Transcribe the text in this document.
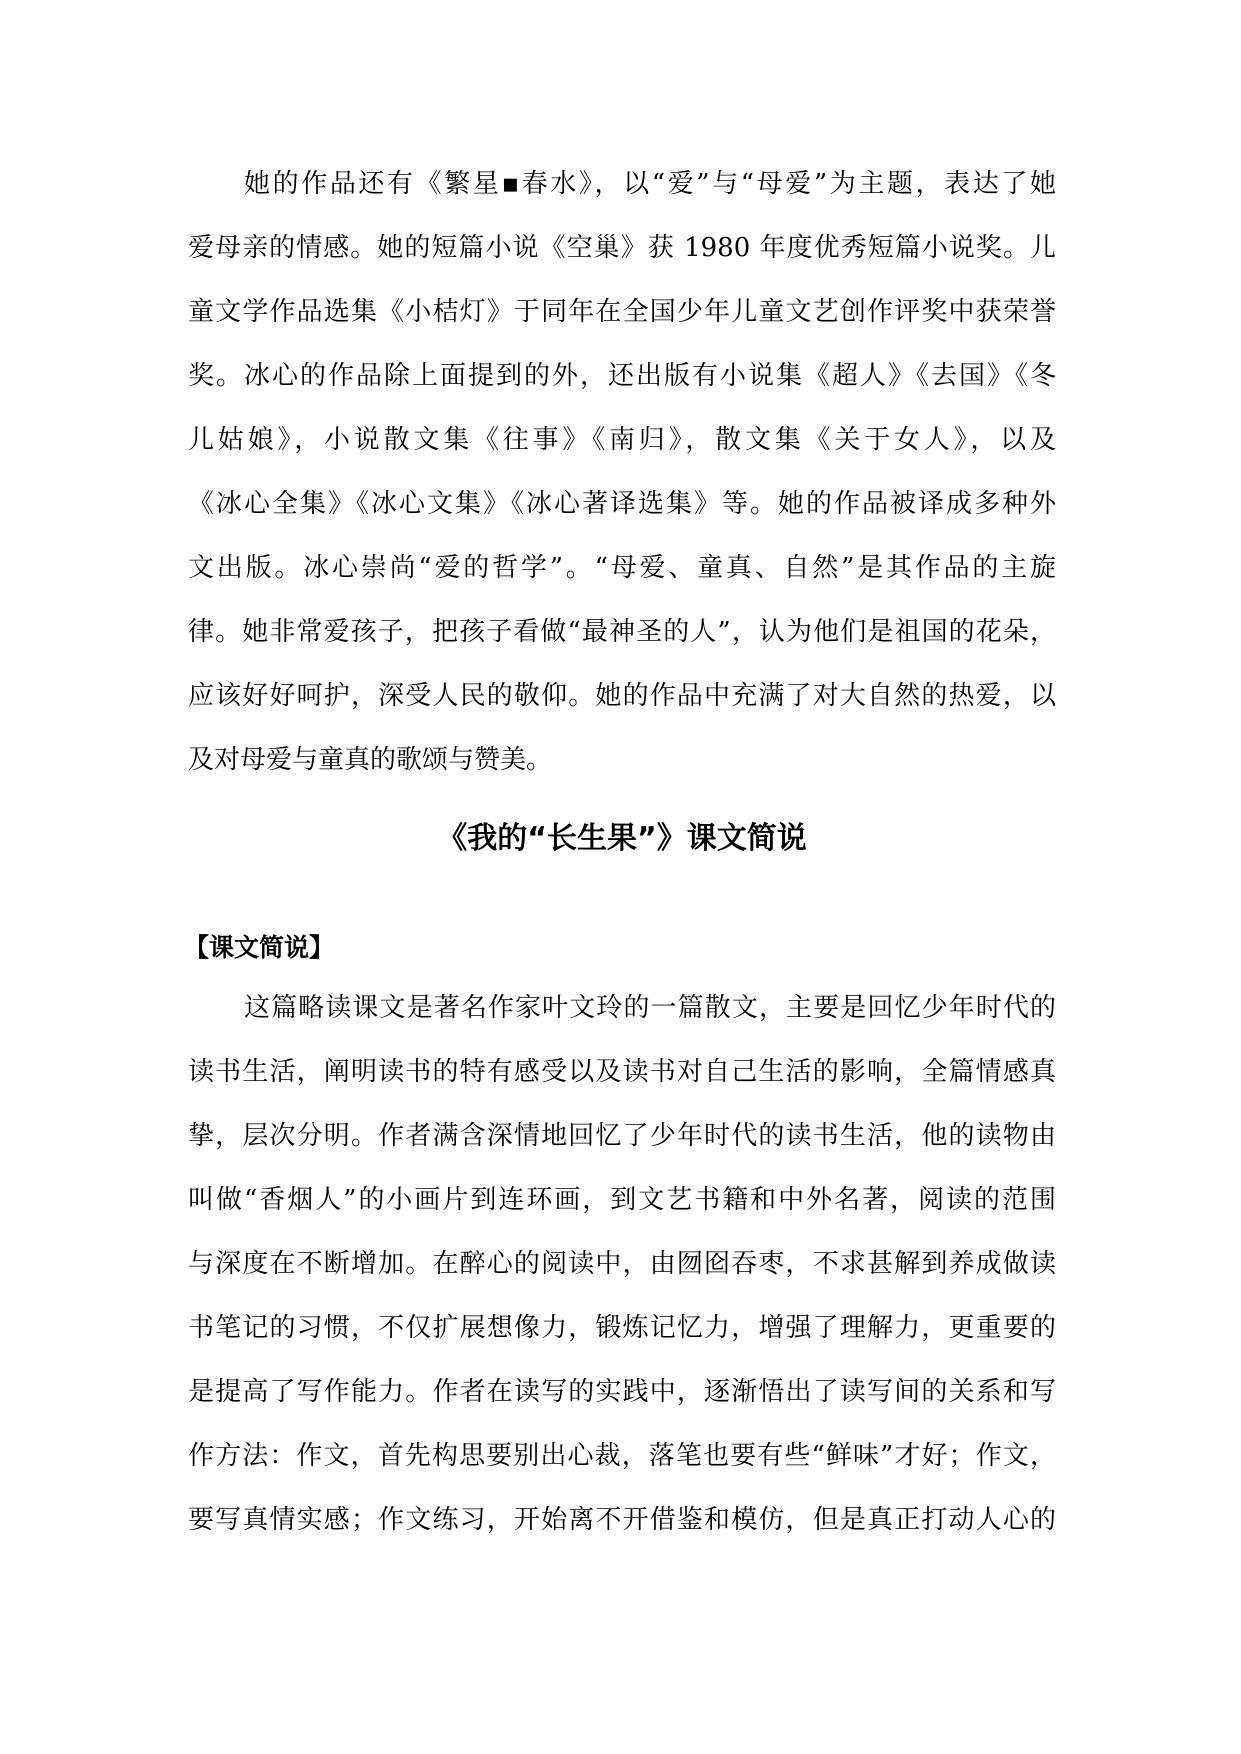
她的作品还有《繁星▪春水》，以“爱”与“母爱”为主题，表达了她
爱母亲的情感。她的短篇小说《空巢》获 1980 年度优秀短篇小说奖。儿
童文学作品选集《小桔灯》于同年在全国少年儿童文艺创作评奖中获荣誉
奖。冰心的作品除上面提到的外，还出版有小说集《超人》《去国》《冬
儿姑娘》，小说散文集《往事》《南归》，散文集《关于女人》，以及
《冰心全集》《冰心文集》《冰心著译选集》等。她的作品被译成多种外
文出版。冰心崇尚“爱的哲学”。“母爱、童真、自然”是其作品的主旋
律。她非常爱孩子，把孩子看做“最神圣的人”，认为他们是祖国的花朵，
应该好好呵护，深受人民的敬仰。她的作品中充满了对大自然的热爱，以
及对母爱与童真的歌颂与赞美。
《我的“长生果”》课文简说
【课文简说】
这篇略读课文是著名作家叶文玲的一篇散文，主要是回忆少年时代的
读书生活，阐明读书的特有感受以及读书对自己生活的影响，全篇情感真
挚，层次分明。作者满含深情地回忆了少年时代的读书生活，他的读物由
叫做“香烟人”的小画片到连环画，到文艺书籍和中外名著，阅读的范围
与深度在不断增加。在醉心的阅读中，由囫囵吞枣，不求甚解到养成做读
书笔记的习惯，不仅扩展想像力，锻炼记忆力，增强了理解力，更重要的
是提高了写作能力。作者在读写的实践中，逐渐悟出了读写间的关系和写
作方法：作文，首先构思要别出心裁，落笔也要有些“鲜味”才好；作文，
要写真情实感；作文练习，开始离不开借鉴和模仿，但是真正打动人心的
